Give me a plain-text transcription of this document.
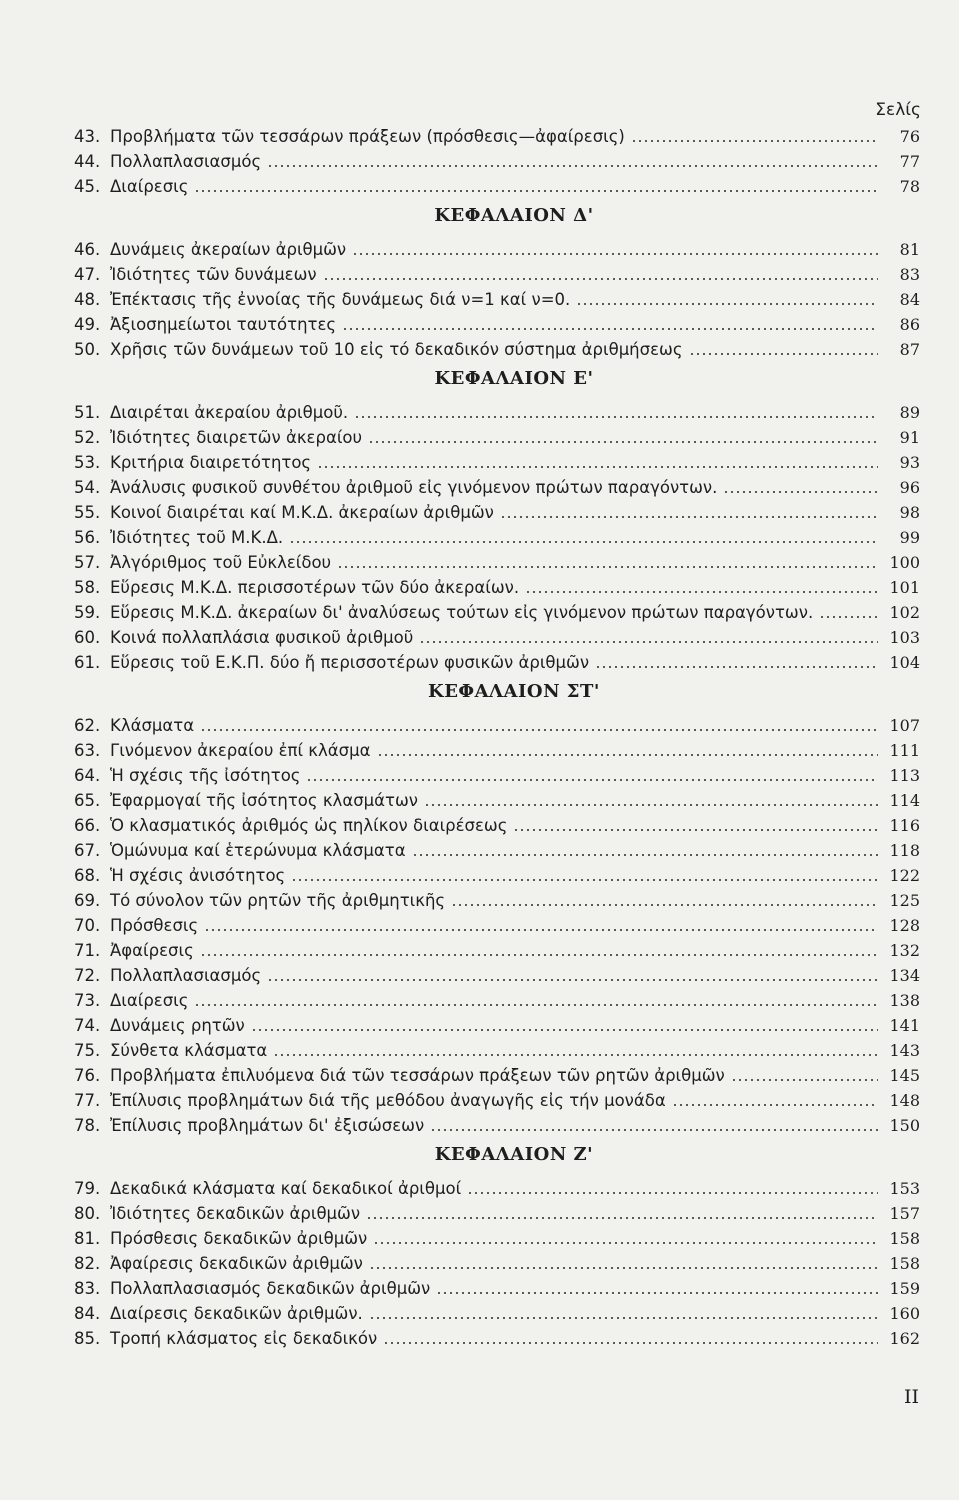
Σελίς
43. Προβλήματα τῶν τεσσάρων πράξεων (πρόσθεσις—ἀφαίρεσις)	76
44. Πολλαπλασιασμός	77
45. Διαίρεσις	78
ΚΕΦΑΛΑΙΟΝ Δ'
46. Δυνάμεις ἀκεραίων ἀριθμῶν	81
47. Ἰδιότητες τῶν δυνάμεων	83
48. Ἐπέκτασις τῆς ἐννοίας τῆς δυνάμεως διά ν=1 καί ν=0.	84
49. Ἀξιοσημείωτοι ταυτότητες	86
50. Χρῆσις τῶν δυνάμεων τοῦ 10 εἰς τό δεκαδικόν σύστημα ἀριθμήσεως	87
ΚΕΦΑΛΑΙΟΝ Ε'
51. Διαιρέται ἀκεραίου ἀριθμοῦ.	89
52. Ἰδιότητες διαιρετῶν ἀκεραίου	91
53. Κριτήρια διαιρετότητος	93
54. Ἀνάλυσις φυσικοῦ συνθέτου ἀριθμοῦ εἰς γινόμενον πρώτων παραγόντων.	96
55. Κοινοί διαιρέται καί Μ.Κ.Δ. ἀκεραίων ἀριθμῶν	98
56. Ἰδιότητες τοῦ Μ.Κ.Δ.	99
57. Ἀλγόριθμος τοῦ Εὐκλείδου	100
58. Εὕρεσις Μ.Κ.Δ. περισσοτέρων τῶν δύο ἀκεραίων.	101
59. Εὕρεσις Μ.Κ.Δ. ἀκεραίων δι' ἀναλύσεως τούτων εἰς γινόμενον πρώτων παραγόντων.	102
60. Κοινά πολλαπλάσια φυσικοῦ ἀριθμοῦ	103
61. Εὕρεσις τοῦ Ε.Κ.Π. δύο ἤ περισσοτέρων φυσικῶν ἀριθμῶν	104
ΚΕΦΑΛΑΙΟΝ ΣΤ'
62. Κλάσματα	107
63. Γινόμενον ἀκεραίου ἐπί κλάσμα	111
64. Ἡ σχέσις τῆς ἰσότητος	113
65. Ἐφαρμογαί τῆς ἰσότητος κλασμάτων	114
66. Ὁ κλασματικός ἀριθμός ὡς πηλίκον διαιρέσεως	116
67. Ὁμώνυμα καί ἑτερώνυμα κλάσματα	118
68. Ἡ σχέσις ἀνισότητος	122
69. Τό σύνολον τῶν ρητῶν τῆς ἀριθμητικῆς	125
70. Πρόσθεσις	128
71. Ἀφαίρεσις	132
72. Πολλαπλασιασμός	134
73. Διαίρεσις	138
74. Δυνάμεις ρητῶν	141
75. Σύνθετα κλάσματα	143
76. Προβλήματα ἐπιλυόμενα διά τῶν τεσσάρων πράξεων τῶν ρητῶν ἀριθμῶν	145
77. Ἐπίλυσις προβλημάτων διά τῆς μεθόδου ἀναγωγῆς εἰς τήν μονάδα	148
78. Ἐπίλυσις προβλημάτων δι' ἐξισώσεων	150
ΚΕΦΑΛΑΙΟΝ Ζ'
79. Δεκαδικά κλάσματα καί δεκαδικοί ἀριθμοί	153
80. Ἰδιότητες δεκαδικῶν ἀριθμῶν	157
81. Πρόσθεσις δεκαδικῶν ἀριθμῶν	158
82. Ἀφαίρεσις δεκαδικῶν ἀριθμῶν	158
83. Πολλαπλασιασμός δεκαδικῶν ἀριθμῶν	159
84. Διαίρεσις δεκαδικῶν ἀριθμῶν.	160
85. Τροπή κλάσματος εἰς δεκαδικόν	162
II
